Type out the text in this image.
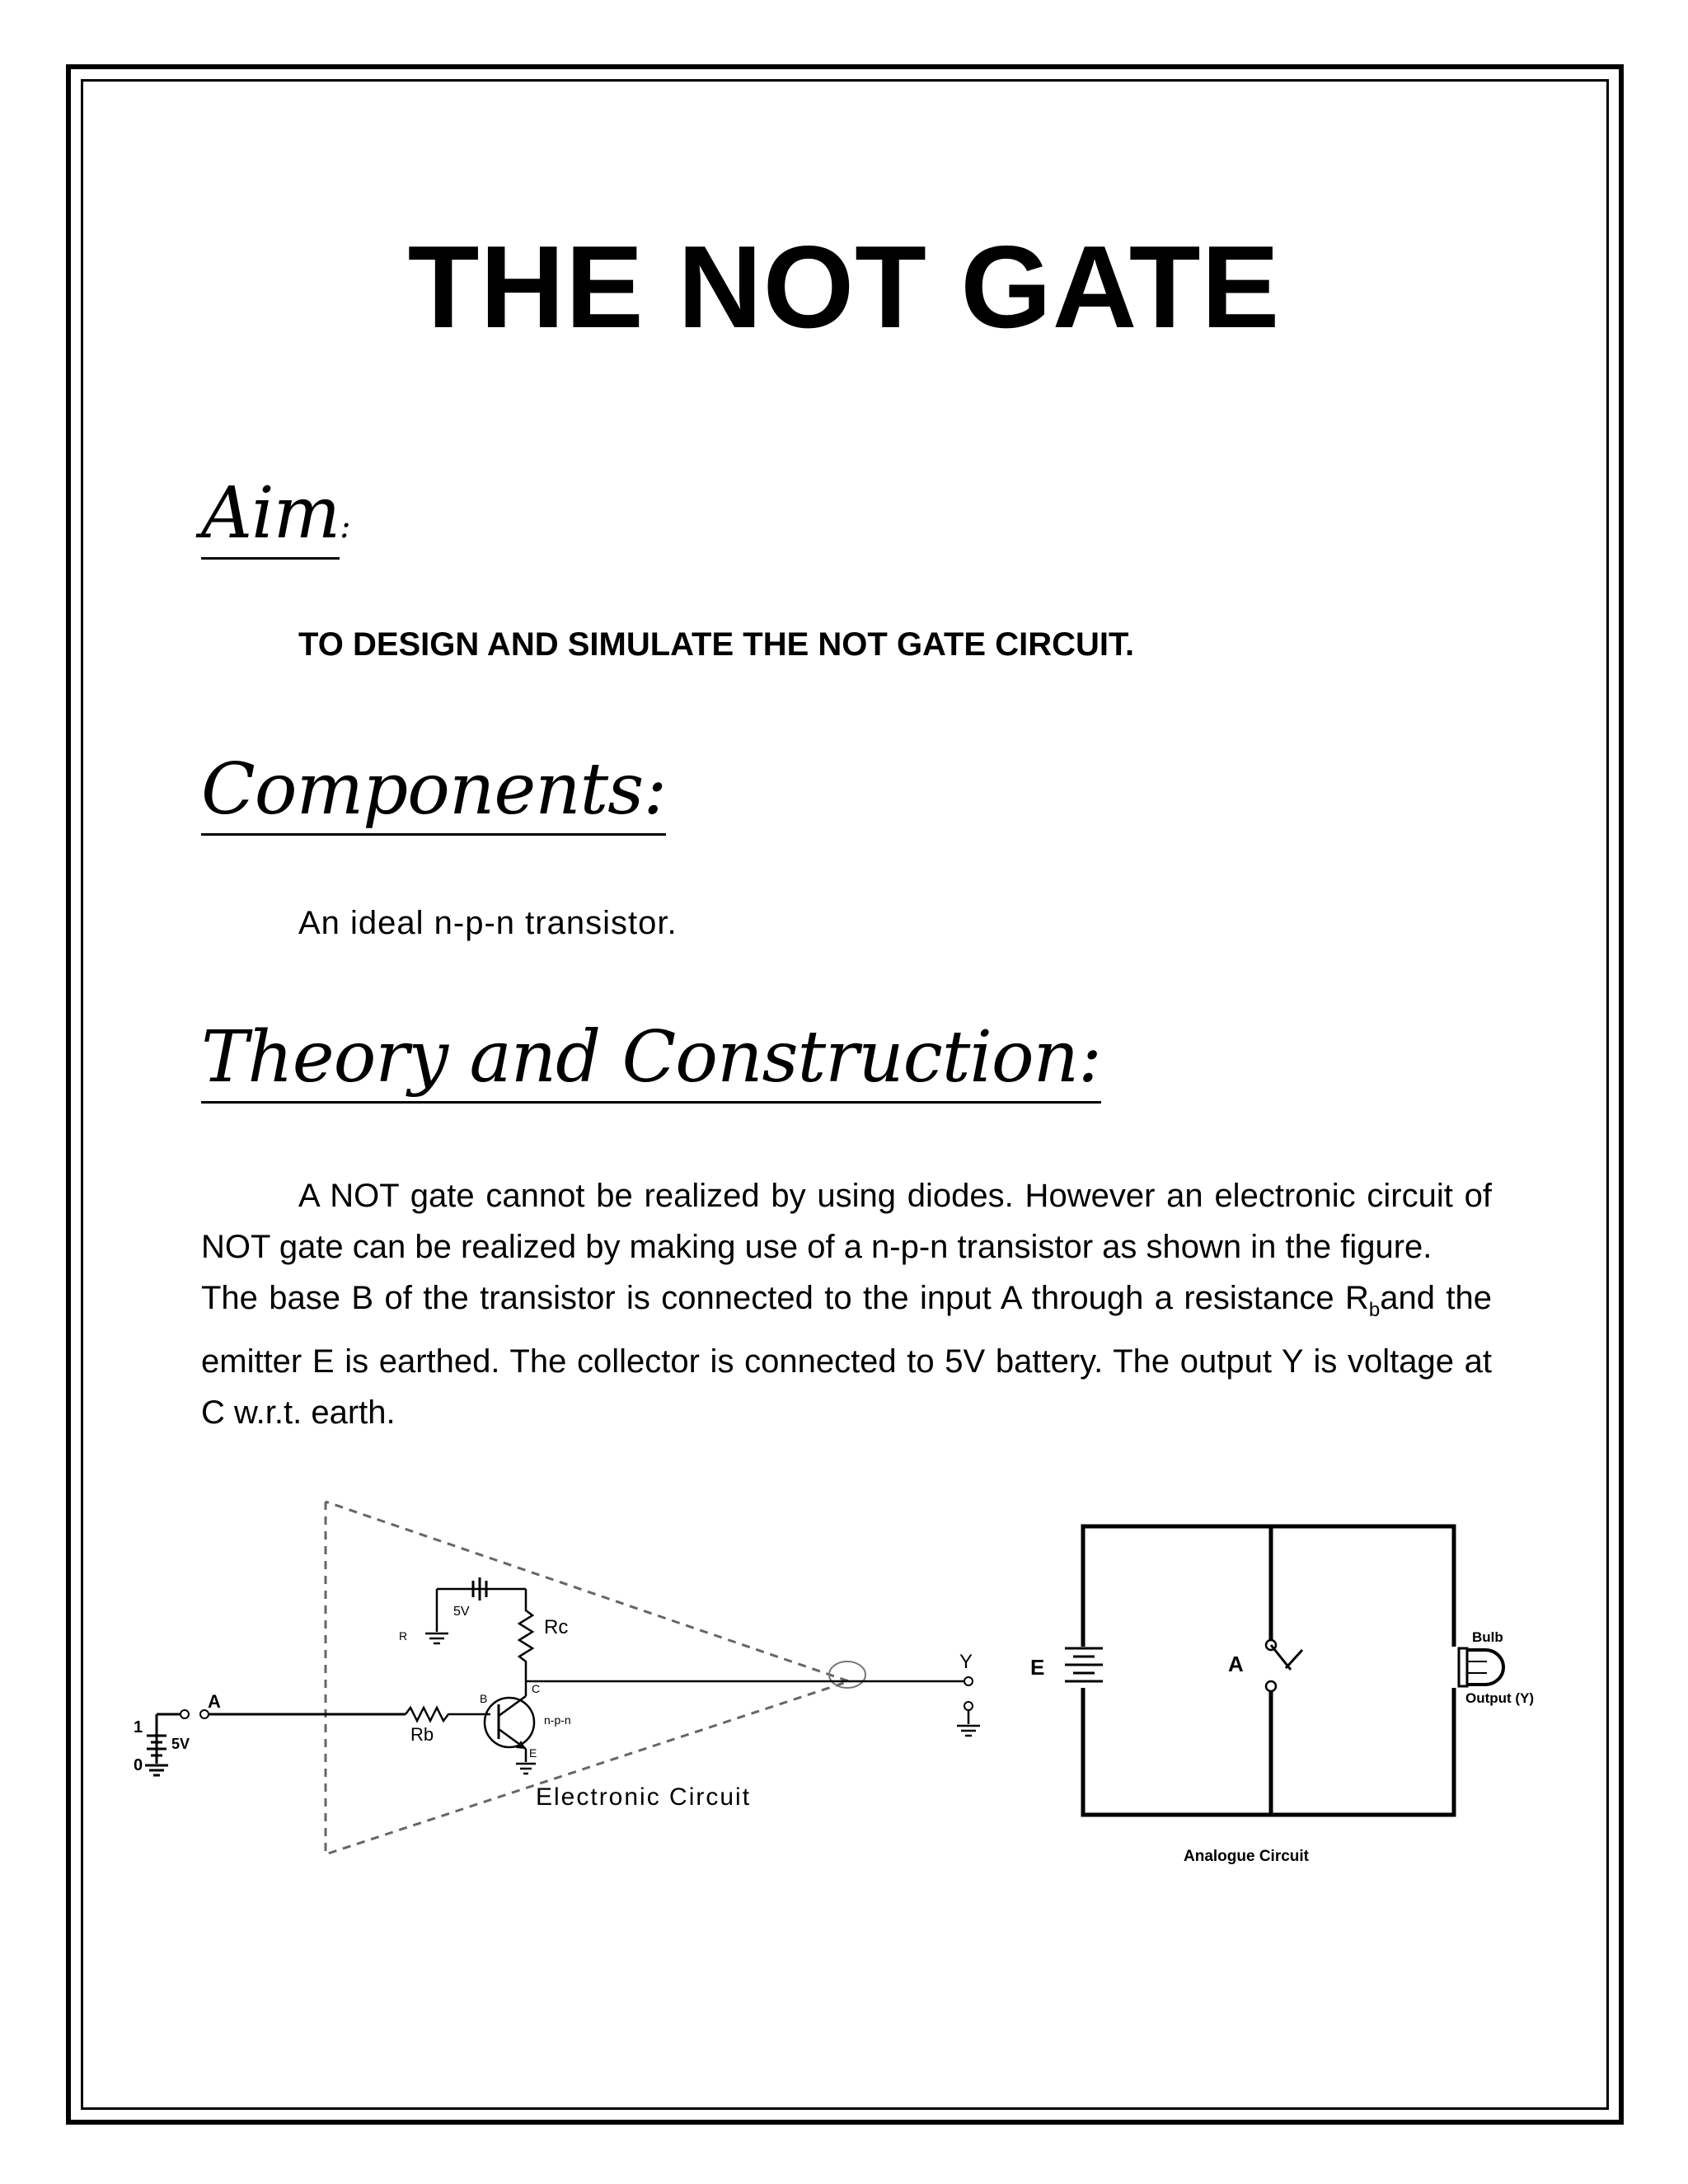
THE NOT GATE
Aim:
TO DESIGN AND SIMULATE THE NOT GATE CIRCUIT.
Components:
An ideal n-p-n transistor.
Theory and Construction:

A NOT gate cannot be realized by using diodes. However an electronic circuit of NOT gate can be realized by making use of a n-p-n transistor as shown in the figure.

The base B of the transistor is connected to the input A through a resistance $R_band$ the emitter E is earthed. The collector is connected to 5V battery. The output Y is voltage at C w.r.t. earth.

A
1
0
5V	Rb
B
C
n-p-n
E
Rc
5V
R
Y
Electronic Circuit
A
E
Bulb
Output (Y)
Analogue Circuit
